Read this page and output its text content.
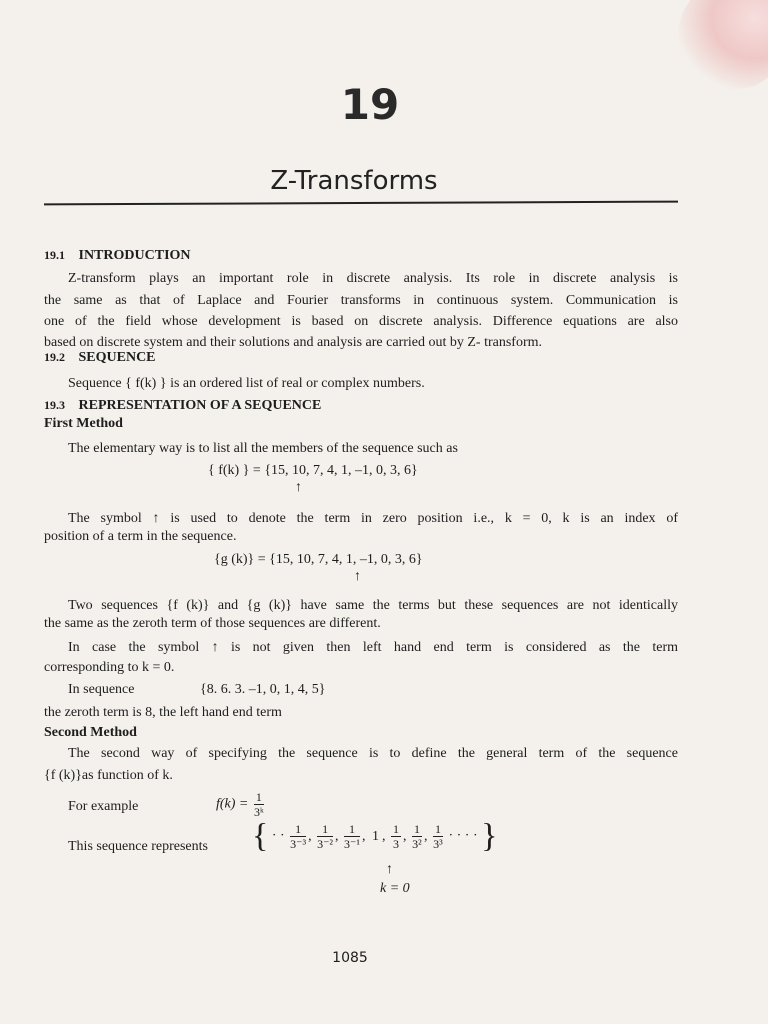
19
Z-Transforms
19.1 INTRODUCTION
Z-transform plays an important role in discrete analysis. Its role in discrete analysis is
the same as that of Laplace and Fourier transforms in continuous system. Communication is
one of the field whose development is based on discrete analysis. Difference equations are also
based on discrete system and their solutions and analysis are carried out by Z- transform.
19.2 SEQUENCE
Sequence { f(k) } is an ordered list of real or complex numbers.
19.3 REPRESENTATION OF A SEQUENCE
First Method
The elementary way is to list all the members of the sequence such as
{ f(k) } = {15, 10, 7, 4, 1, –1, 0, 3, 6}
↑
The symbol ↑ is used to denote the term in zero position i.e., k = 0, k is an index of
position of a term in the sequence.
{g (k)} = {15, 10, 7, 4, 1, –1, 0, 3, 6}
↑
Two sequences {f (k)} and {g (k)} have same the terms but these sequences are not identically
the same as the zeroth term of those sequences are different.
In case the symbol ↑ is not given then left hand end term is considered as the term
corresponding to k = 0.
In sequence	{8. 6. 3. –1, 0, 1, 4, 5}
the zeroth term is 8, the left hand end term
Second Method
The second way of specifying the sequence is to define the general term of the sequence
{f (k)}as function of k.
For example	$f(k) = \frac{1}{\text{3ᵏ}}$
This sequence represents { · · $\frac{1}{\text{3⁻³}}$ , $\frac{1}{\text{3⁻²}}$ , $\frac{1}{\text{3⁻¹}}$ , 1 , $\frac{1}{3}$ , $\frac{1}{\text{3²}}$ , $\frac{1}{\text{3³}}$ · · · · }
↑
k = 0
1085
